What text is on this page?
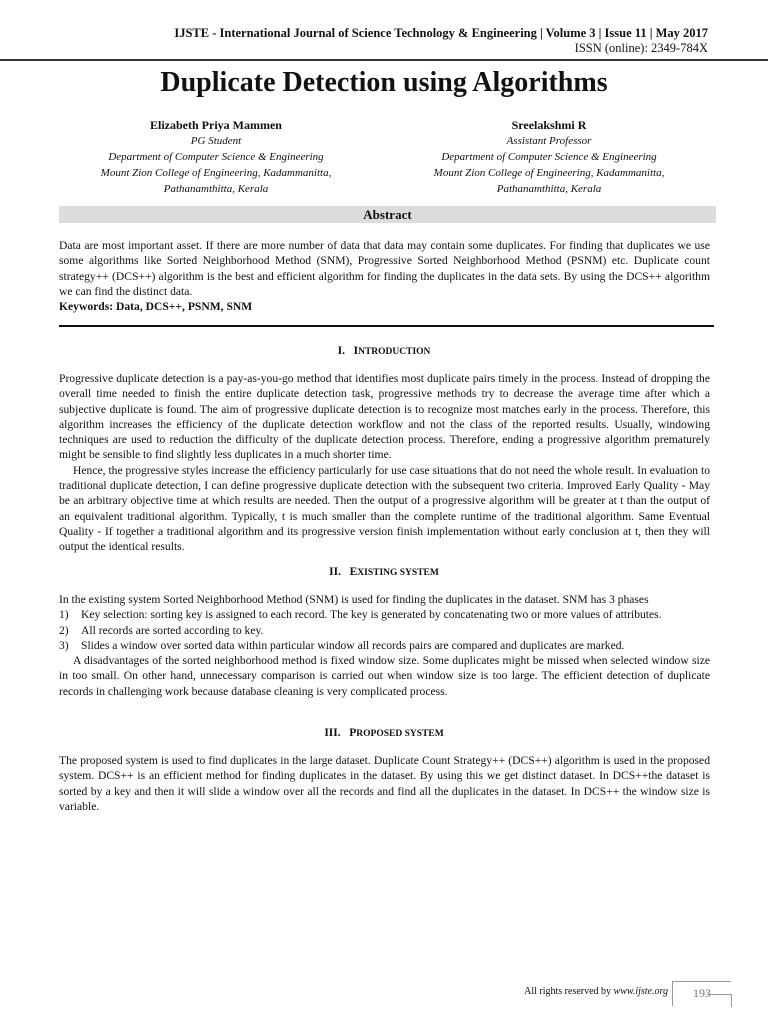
IJSTE - International Journal of Science Technology & Engineering | Volume 3 | Issue 11 | May 2017
ISSN (online): 2349-784X
Duplicate Detection using Algorithms
Elizabeth Priya Mammen
PG Student
Department of Computer Science & Engineering
Mount Zion College of Engineering, Kadammanitta,
Pathanamthitta, Kerala
Sreelakshmi R
Assistant Professor
Department of Computer Science & Engineering
Mount Zion College of Engineering, Kadammanitta,
Pathanamthitta, Kerala
Abstract

Data are most important asset. If there are more number of data that data may contain some duplicates. For finding that duplicates we use some algorithms like Sorted Neighborhood Method (SNM), Progressive Sorted Neighborhood Method (PSNM) etc. Duplicate count strategy++ (DCS++) algorithm is the best and efficient algorithm for finding the duplicates in the data sets. By using the DCS++ algorithm we can find the distinct data.

Keywords: Data, DCS++, PSNM, SNM

I. INTRODUCTION

Progressive duplicate detection is a pay-as-you-go method that identifies most duplicate pairs timely in the process. Instead of dropping the overall time needed to finish the entire duplicate detection task, progressive methods try to decrease the average time after which a subjective duplicate is found. The aim of progressive duplicate detection is to recognize most matches early in the process. Therefore, this algorithm increases the efficiency of the duplicate detection workflow and not the class of the reported results. Usually, windowing techniques are used to reduction the difficulty of the duplicate detection process. Therefore, ending a progressive algorithm prematurely might be sensible to find slightly less duplicates in a much shorter time.

Hence, the progressive styles increase the efficiency particularly for use case situations that do not need the whole result. In evaluation to traditional duplicate detection, I can define progressive duplicate detection with the subsequent two criteria. Improved Early Quality - May be an arbitrary objective time at which results are needed. Then the output of a progressive algorithm will be greater at t than the output of an equivalent traditional algorithm. Typically, t is much smaller than the complete runtime of the traditional algorithm. Same Eventual Quality - If together a traditional algorithm and its progressive version finish implementation without early conclusion at t, then they will output the identical results.

II. EXISTING SYSTEM

In the existing system Sorted Neighborhood Method (SNM) is used for finding the duplicates in the dataset. SNM has 3 phases

1)	Key selection: sorting key is assigned to each record. The key is generated by concatenating two or more values of attributes.
2)	All records are sorted according to key.
3)	Slides a window over sorted data within particular window all records pairs are compared and duplicates are marked.

A disadvantages of the sorted neighborhood method is fixed window size. Some duplicates might be missed when selected window size in too small. On other hand, unnecessary comparison is carried out when window size is too large. The efficient detection of duplicate records in challenging work because database cleaning is very complicated process.

III. PROPOSED SYSTEM

The proposed system is used to find duplicates in the large dataset. Duplicate Count Strategy++ (DCS++) algorithm is used in the proposed system. DCS++ is an efficient method for finding duplicates in the dataset. By using this we get distinct dataset. In DCS++the dataset is sorted by a key and then it will slide a window over all the records and find all the duplicates in the dataset. In DCS++ the window size is variable.

All rights reserved by www.ijste.org	193
